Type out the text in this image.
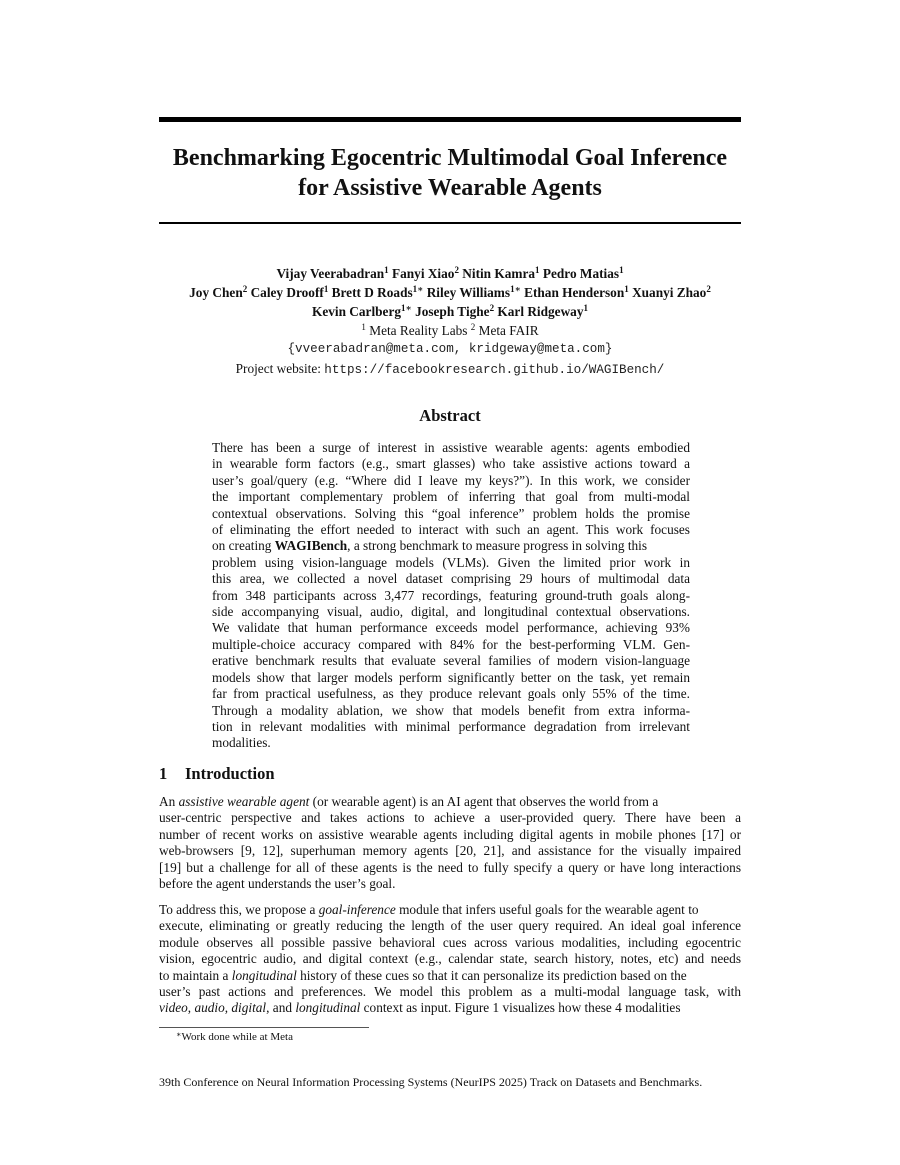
Benchmarking Egocentric Multimodal Goal Inference
for Assistive Wearable Agents
Vijay Veerabadran$^1$ Fanyi Xiao$^2$ Nitin Kamra$^1$ Pedro Matias$^1$
Joy Chen$^2$ Caley Drooff$^1$ Brett D Roads$^{1∗}$ Riley Williams$^{1∗}$ Ethan Henderson$^1$ Xuanyi Zhao$^2$
Kevin Carlberg$^{1∗}$ Joseph Tighe$^2$ Karl Ridgeway$^1$
$^1$ Meta Reality Labs $^2$ Meta FAIR
{vveerabadran@meta.com, kridgeway@meta.com}
Project website: https://facebookresearch.github.io/WAGIBench/
Abstract
There has been a surge of interest in assistive wearable agents: agents embodied
in wearable form factors (e.g., smart glasses) who take assistive actions toward a
user’s goal/query (e.g. “Where did I leave my keys?”). In this work, we consider
the important complementary problem of inferring that goal from multi-modal
contextual observations. Solving this “goal inference” problem holds the promise
of eliminating the effort needed to interact with such an agent. This work focuses
on creating WAGIBench, a strong benchmark to measure progress in solving this
problem using vision-language models (VLMs). Given the limited prior work in
this area, we collected a novel dataset comprising 29 hours of multimodal data
from 348 participants across 3,477 recordings, featuring ground-truth goals along-
side accompanying visual, audio, digital, and longitudinal contextual observations.
We validate that human performance exceeds model performance, achieving 93%
multiple-choice accuracy compared with 84% for the best-performing VLM. Gen-
erative benchmark results that evaluate several families of modern vision-language
models show that larger models perform significantly better on the task, yet remain
far from practical usefulness, as they produce relevant goals only 55% of the time.
Through a modality ablation, we show that models benefit from extra informa-
tion in relevant modalities with minimal performance degradation from irrelevant
modalities.
1 Introduction
An assistive wearable agent (or wearable agent) is an AI agent that observes the world from a
user-centric perspective and takes actions to achieve a user-provided query. There have been a
number of recent works on assistive wearable agents including digital agents in mobile phones [17] or
web-browsers [9, 12], superhuman memory agents [20, 21], and assistance for the visually impaired
[19] but a challenge for all of these agents is the need to fully specify a query or have long interactions
before the agent understands the user’s goal.
To address this, we propose a goal-inference module that infers useful goals for the wearable agent to
execute, eliminating or greatly reducing the length of the user query required. An ideal goal inference
module observes all possible passive behavioral cues across various modalities, including egocentric
vision, egocentric audio, and digital context (e.g., calendar state, search history, notes, etc) and needs
to maintain a longitudinal history of these cues so that it can personalize its prediction based on the
user’s past actions and preferences. We model this problem as a multi-modal language task, with
video, audio, digital, and longitudinal context as input. Figure 1 visualizes how these 4 modalities
∗Work done while at Meta
39th Conference on Neural Information Processing Systems (NeurIPS 2025) Track on Datasets and Benchmarks.
